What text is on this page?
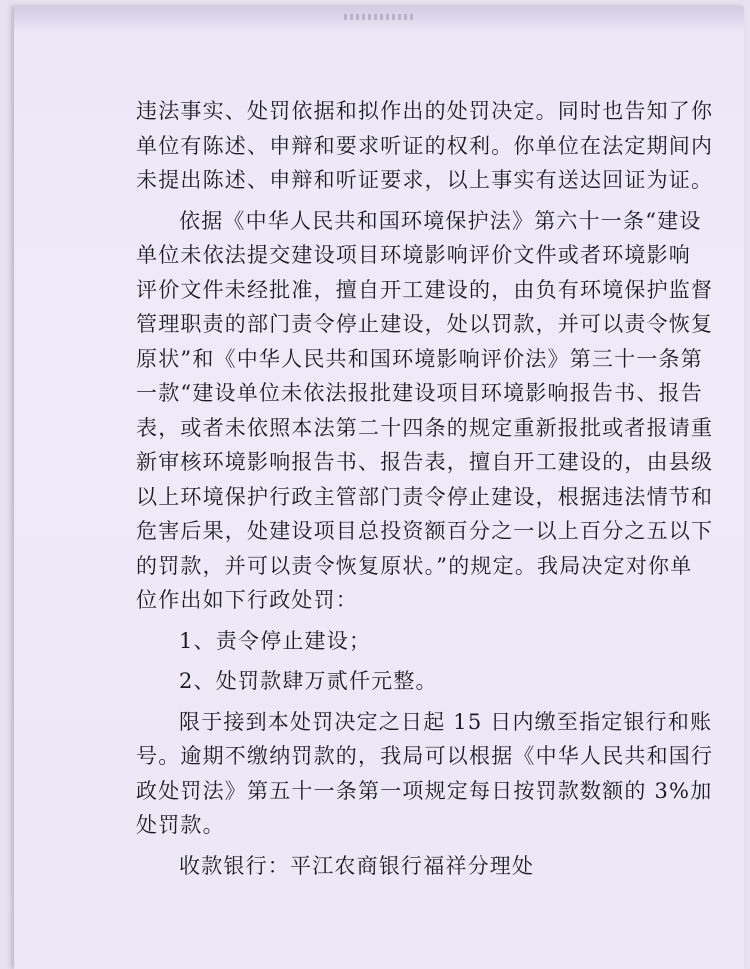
违法事实、处罚依据和拟作出的处罚决定。同时也告知了你
单位有陈述、申辩和要求听证的权利。你单位在法定期间内
未提出陈述、申辩和听证要求，以上事实有送达回证为证。
依据《中华人民共和国环境保护法》第六十一条“建设
单位未依法提交建设项目环境影响评价文件或者环境影响
评价文件未经批准，擅自开工建设的，由负有环境保护监督
管理职责的部门责令停止建设，处以罚款，并可以责令恢复
原状”和《中华人民共和国环境影响评价法》第三十一条第
一款“建设单位未依法报批建设项目环境影响报告书、报告
表，或者未依照本法第二十四条的规定重新报批或者报请重
新审核环境影响报告书、报告表，擅自开工建设的，由县级
以上环境保护行政主管部门责令停止建设，根据违法情节和
危害后果，处建设项目总投资额百分之一以上百分之五以下
的罚款，并可以责令恢复原状。”的规定。我局决定对你单
位作出如下行政处罚：
1、责令停止建设；
2、处罚款肆万贰仟元整。
限于接到本处罚决定之日起 15 日内缴至指定银行和账
号。逾期不缴纳罚款的，我局可以根据《中华人民共和国行
政处罚法》第五十一条第一项规定每日按罚款数额的 3%加
处罚款。
收款银行：平江农商银行福祥分理处
